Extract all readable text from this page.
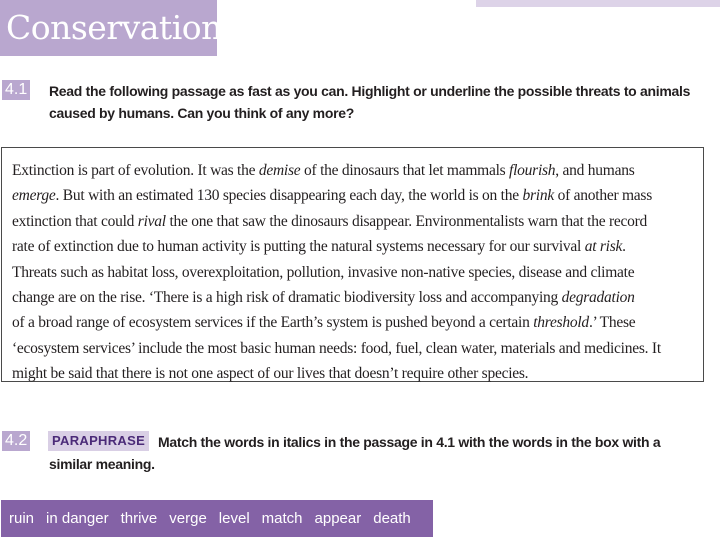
Conservation
4.1 Read the following passage as fast as you can. Highlight or underline the possible threats to animals
caused by humans. Can you think of any more?
Extinction is part of evolution. It was the demise of the dinosaurs that let mammals flourish, and humans
emerge. But with an estimated 130 species disappearing each day, the world is on the brink of another mass
extinction that could rival the one that saw the dinosaurs disappear. Environmentalists warn that the record
rate of extinction due to human activity is putting the natural systems necessary for our survival at risk.
Threats such as habitat loss, overexploitation, pollution, invasive non-native species, disease and climate
change are on the rise. ‘There is a high risk of dramatic biodiversity loss and accompanying degradation
of a broad range of ecosystem services if the Earth’s system is pushed beyond a certain threshold.’ These
‘ecosystem services’ include the most basic human needs: food, fuel, clean water, materials and medicines. It
might be said that there is not one aspect of our lives that doesn’t require other species.
4.2	PARAPHRASE Match the words in italics in the passage in 4.1 with the words in the box with a
similar meaning.
ruin in danger thrive verge level match appear death
